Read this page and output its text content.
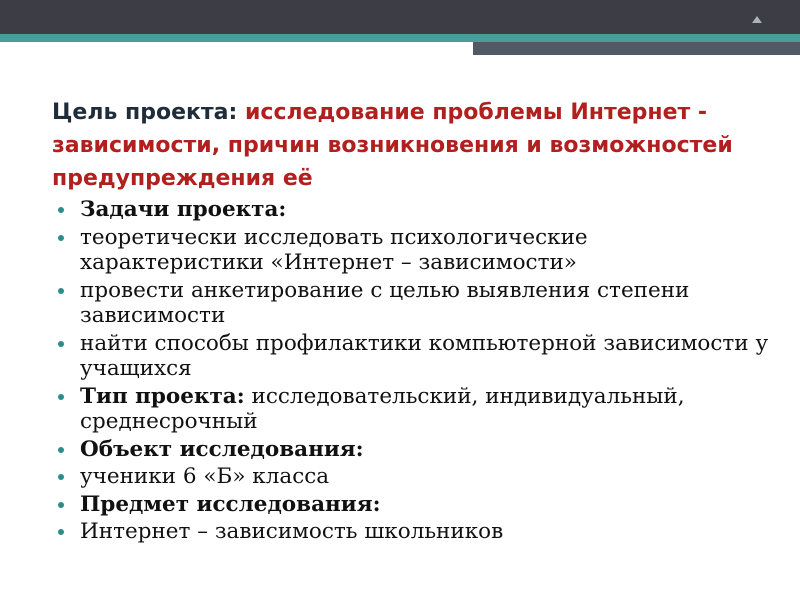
Цель проекта: исследование проблемы Интернет - зависимости, причин возникновения и возможностей предупреждения её
Задачи проекта:
теоретически исследовать психологические характеристики «Интернет – зависимости»
провести анкетирование с целью выявления степени зависимости
найти способы профилактики компьютерной зависимости у учащихся
Тип проекта: исследовательский, индивидуальный, среднесрочный
Объект исследования:
ученики 6 «Б» класса
Предмет исследования:
Интернет – зависимость школьников
